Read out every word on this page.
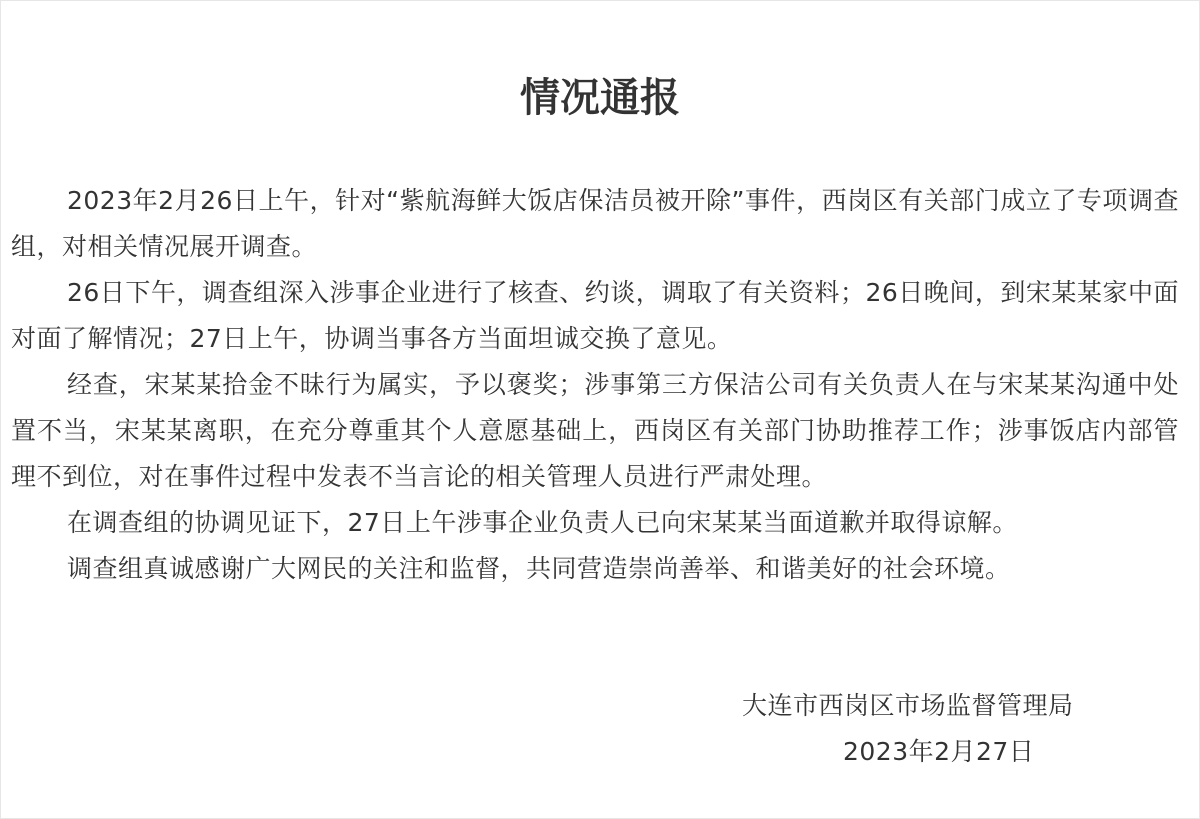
情况通报

2023年2月26日上午，针对“紫航海鲜大饭店保洁员被开除”事件，西岗区有关部门成立了专项调查组，对相关情况展开调查。

26日下午，调查组深入涉事企业进行了核查、约谈，调取了有关资料；26日晚间，到宋某某家中面对面了解情况；27日上午，协调当事各方当面坦诚交换了意见。

经查，宋某某拾金不昧行为属实，予以褒奖；涉事第三方保洁公司有关负责人在与宋某某沟通中处置不当，宋某某离职，在充分尊重其个人意愿基础上，西岗区有关部门协助推荐工作；涉事饭店内部管理不到位，对在事件过程中发表不当言论的相关管理人员进行严肃处理。

在调查组的协调见证下，27日上午涉事企业负责人已向宋某某当面道歉并取得谅解。

调查组真诚感谢广大网民的关注和监督，共同营造崇尚善举、和谐美好的社会环境。

大连市西岗区市场监督管理局
2023年2月27日
